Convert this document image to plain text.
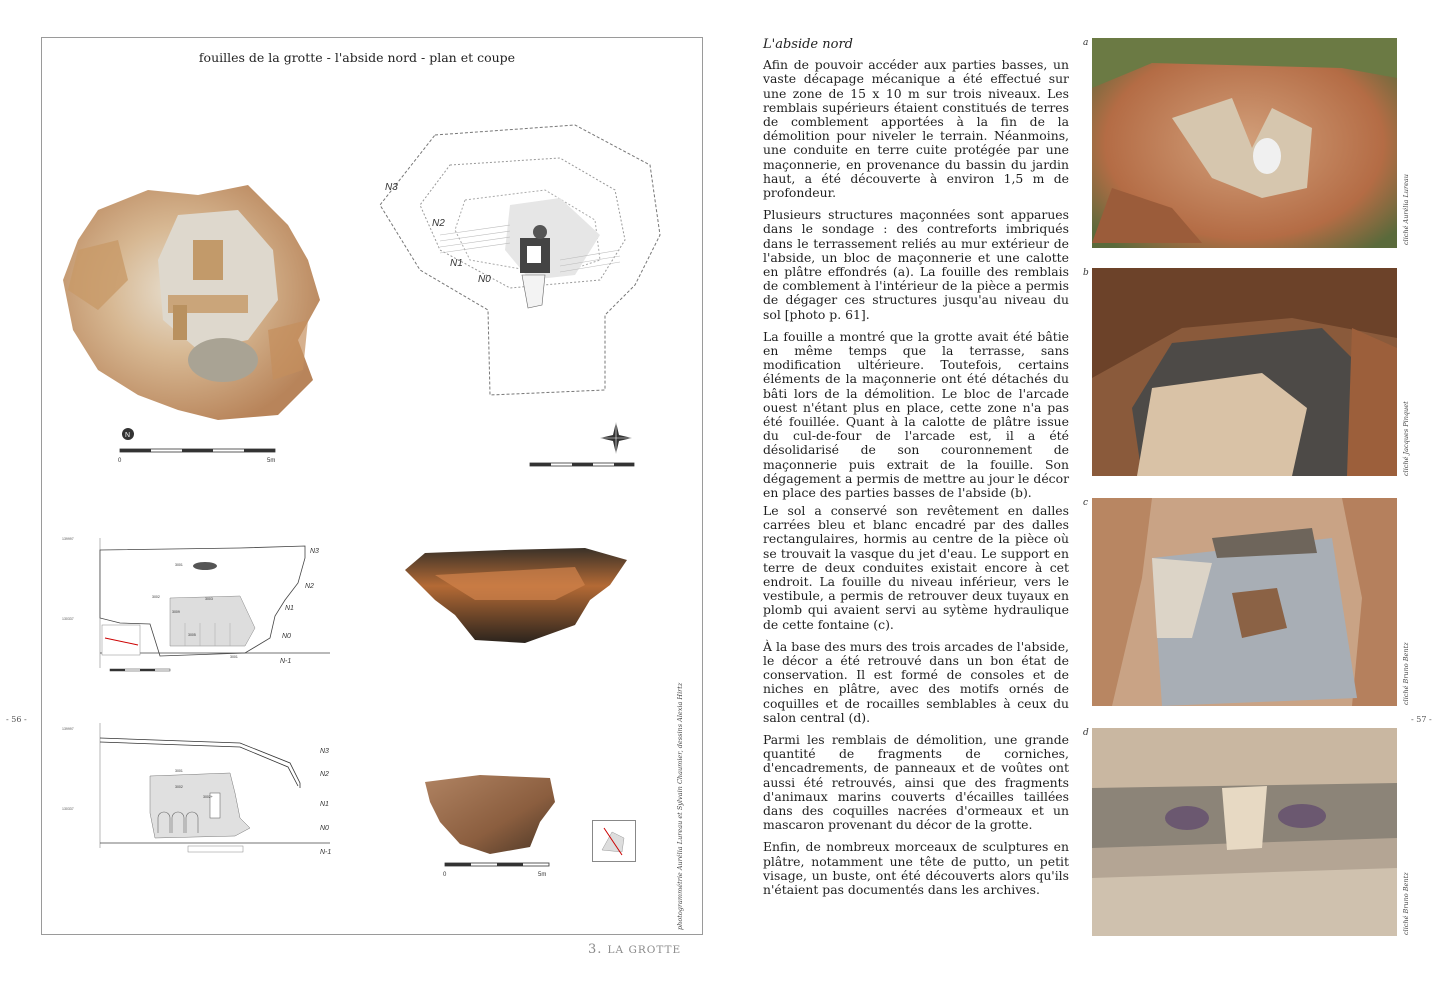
- 56 -
fouilles de la grotte - l'abside nord - plan et coupe
N
0	5m
N3
N2
N1
N0
139997
130337
N3
N2
N1
N0
N-1
3001
3002	3003
3009
3005
3001
139997
130337
N3
N2
N1
N0
N-1
3001
3002
3002+
0	5m	photogrammétrie Aurélia Lureau et Sylvain Chaumier, dessins Alexia Hirtz
3. LA GROTTE
L'abside nord

Afin de pouvoir accéder aux parties basses, un vaste décapage mécanique a été effectué sur une zone de 15 x 10 m sur trois niveaux. Les remblais supérieurs étaient constitués de terres de comblement apportées à la fin de la démolition pour niveler le terrain. Néanmoins, une conduite en terre cuite protégée par une maçonnerie, en provenance du bassin du jardin haut, a été découverte à environ 1,5 m de profondeur.

Plusieurs structures maçonnées sont apparues dans le sondage : des contreforts imbriqués dans le terrassement reliés au mur extérieur de l'abside, un bloc de maçonnerie et une calotte en plâtre effondrés (a). La fouille des remblais de comblement à l'intérieur de la pièce a permis de dégager ces structures jusqu'au niveau du sol [photo p. 61].

La fouille a montré que la grotte avait été bâtie en même temps que la terrasse, sans modification ultérieure. Toutefois, certains éléments de la maçonnerie ont été détachés du bâti lors de la démolition. Le bloc de l'arcade ouest n'étant plus en place, cette zone n'a pas été fouillée. Quant à la calotte de plâtre issue du cul-de-four de l'arcade est, il a été désolidarisé de son couronnement de maçonnerie puis extrait de la fouille. Son dégagement a permis de mettre au jour le décor en place des parties basses de l'abside (b).

Le sol a conservé son revêtement en dalles carrées bleu et blanc encadré par des dalles rectangulaires, hormis au centre de la pièce où se trouvait la vasque du jet d'eau. Le support en terre de deux conduites existait encore à cet endroit. La fouille du niveau inférieur, vers le vestibule, a permis de retrouver deux tuyaux en plomb qui avaient servi au sytème hydraulique de cette fontaine (c).

À la base des murs des trois arcades de l'abside, le décor a été retrouvé dans un bon état de conservation. Il est formé de consoles et de niches en plâtre, avec des motifs ornés de coquilles et de rocailles semblables à ceux du salon central (d).

Parmi les remblais de démolition, une grande quantité de fragments de corniches, d'encadrements, de panneaux et de voûtes ont aussi été retrouvés, ainsi que des fragments d'animaux marins couverts d'écailles taillées dans des coquilles nacrées d'ormeaux et un mascaron provenant du décor de la grotte.

Enfin, de nombreux morceaux de sculptures en plâtre, notamment une tête de putto, un petit visage, un buste, ont été découverts alors qu'ils n'étaient pas documentés dans les archives.

a
cliché Aurélia Lureau
b
cliché Jacques Pinquet
c
cliché Bruno Bentz
d
cliché Bruno Bentz
- 57 -
